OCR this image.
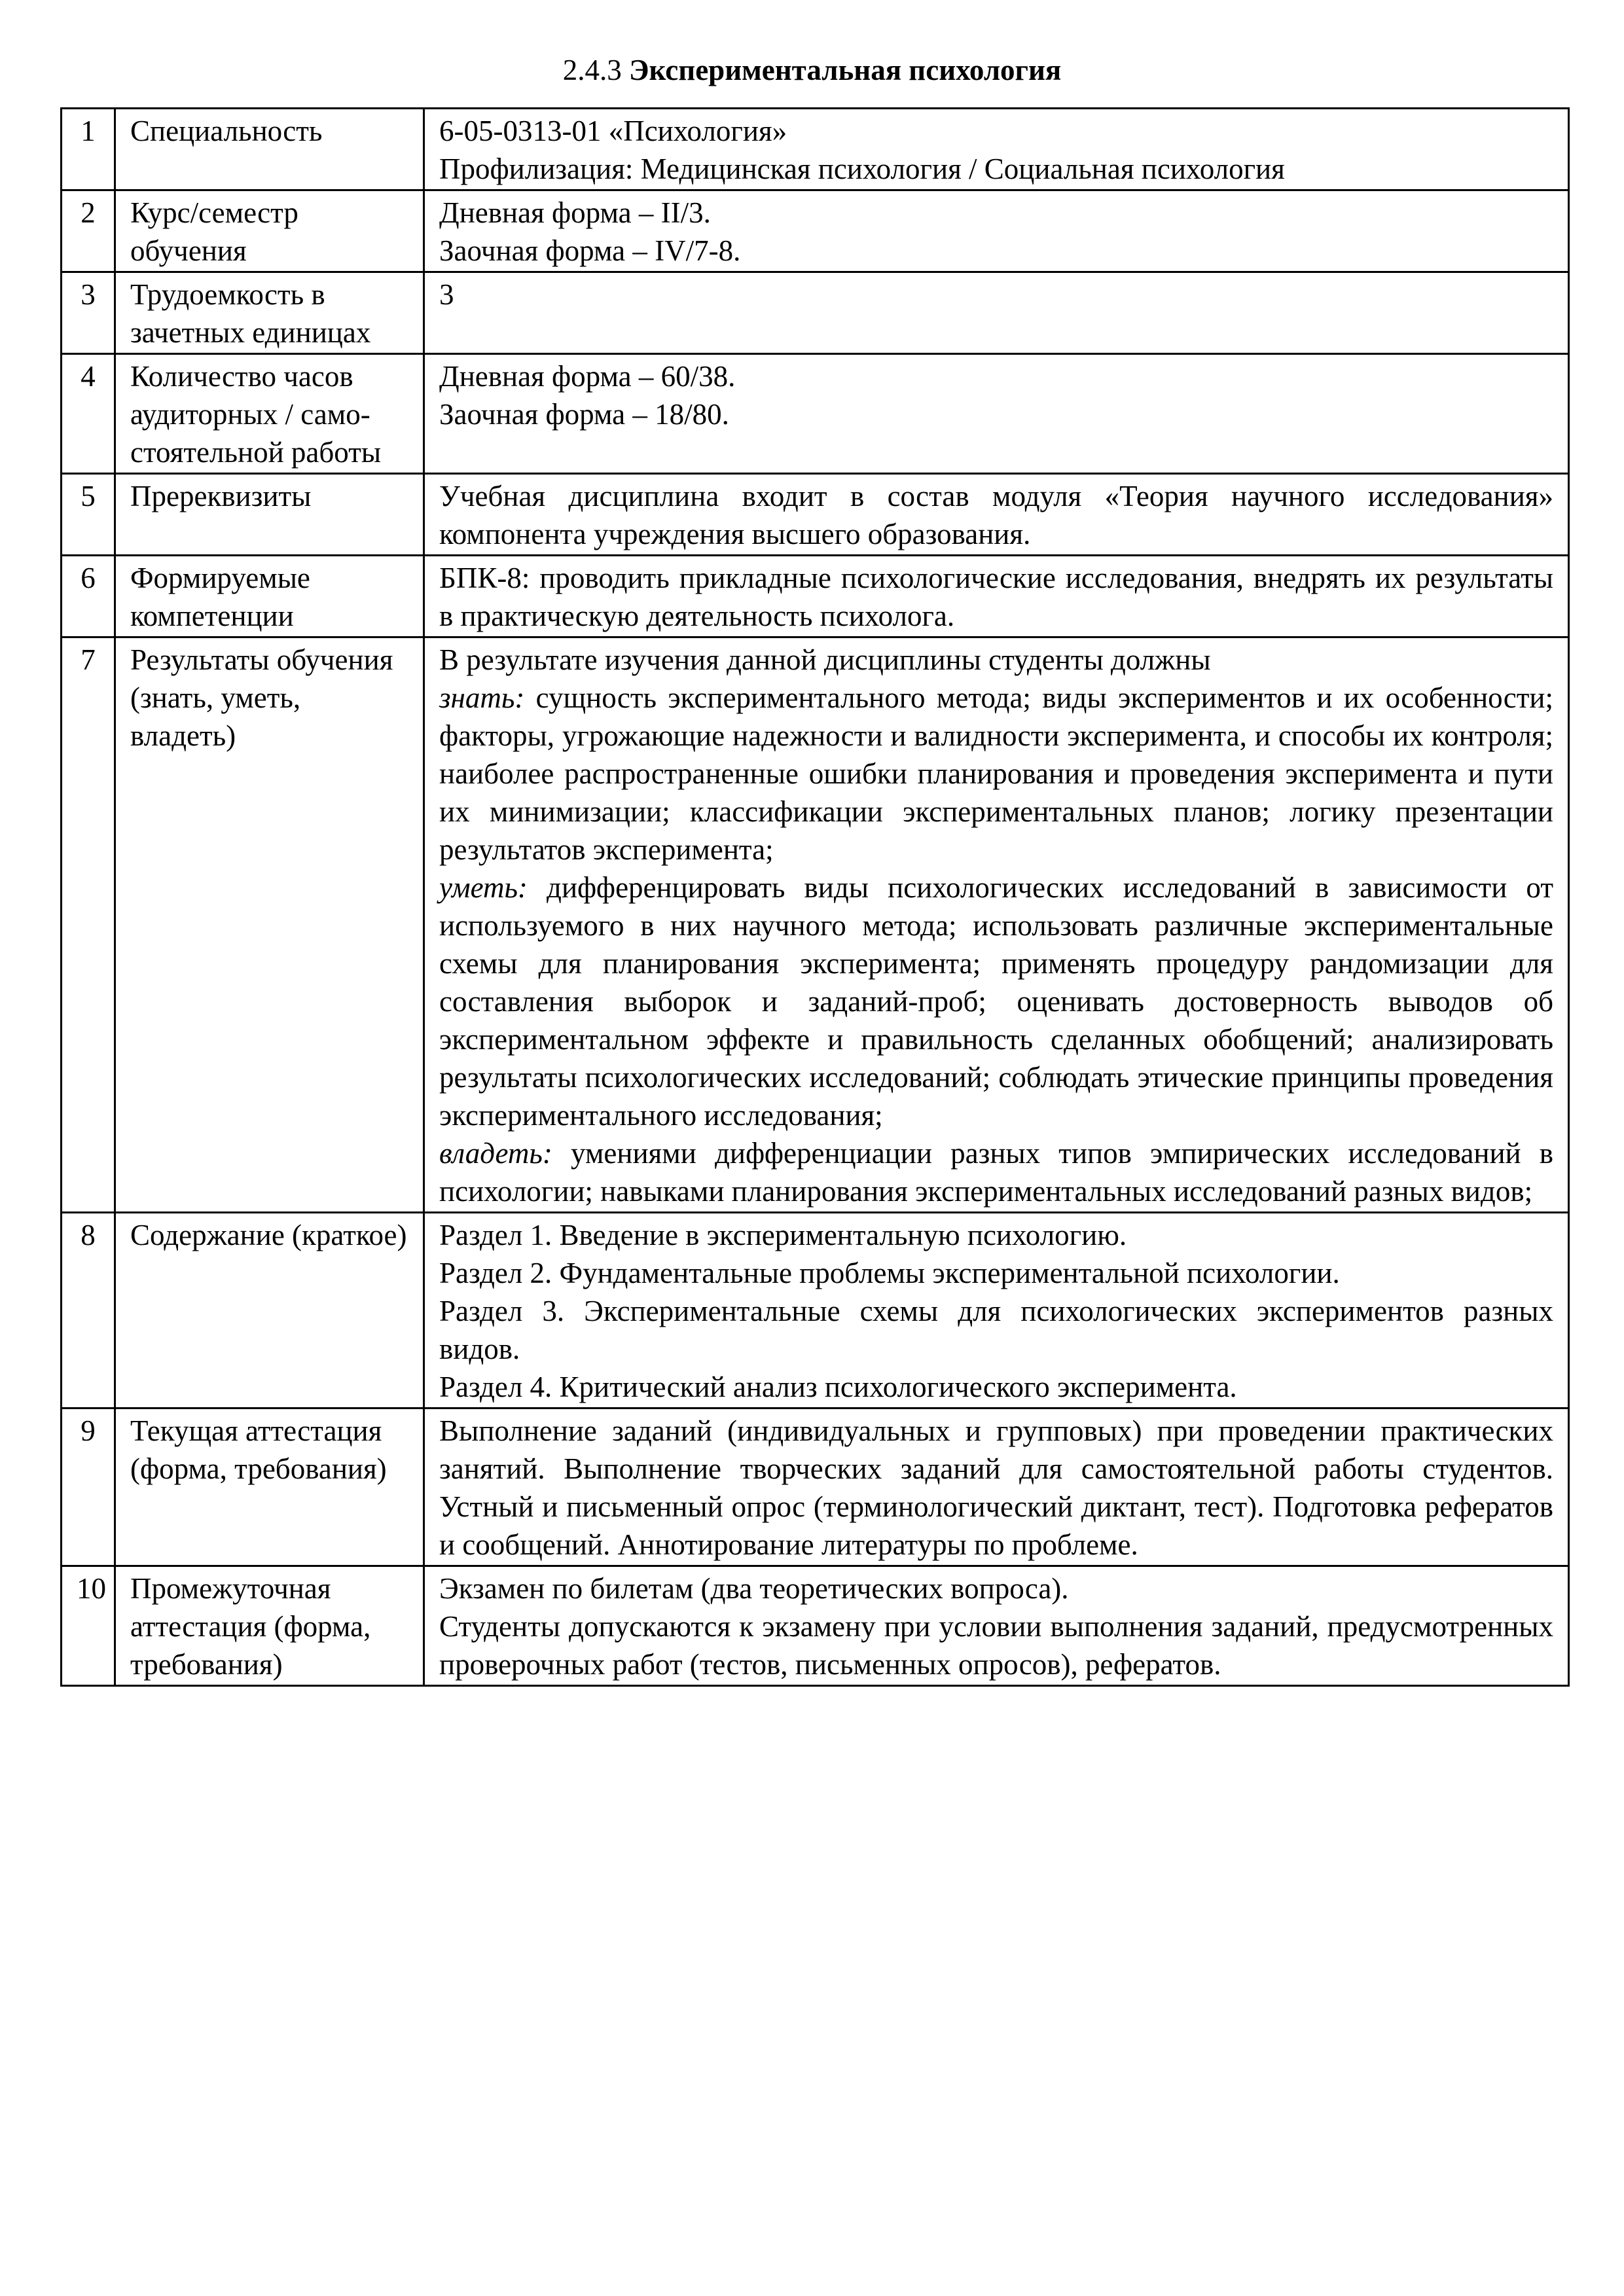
2.4.3 Экспериментальная психология
1	Специальность	6-05-0313-01 «Психология»

Профилизация: Медицинская психология / Социальная психология

2	Курс/семестр обучения	Дневная форма – II/3.

Заочная форма – IV/7-8.

3	Трудоемкость в зачетных единицах	3

4	Количество часов аудиторных / само-стоятельной работы	Дневная форма – 60/38.

Заочная форма – 18/80.

5	Пререквизиты	Учебная дисциплина входит в состав модуля «Теория научного исследования» компонента учреждения высшего образования.

6	Формируемые компетенции	БПК-8: проводить прикладные психологические исследования, внедрять их результаты в практическую деятельность психолога.

7	Результаты обучения (знать, уметь, владеть)	В результате изучения данной дисциплины студенты должны

знать: сущность экспериментального метода; виды экспериментов и их особенности; факторы, угрожающие надежности и валидности эксперимента, и способы их контроля; наиболее распространенные ошибки планирования и проведения эксперимента и пути их минимизации; классификации экспериментальных планов; логику презентации результатов эксперимента;

уметь: дифференцировать виды психологических исследований в зависимости от используемого в них научного метода; использовать различные экспериментальные схемы для планирования эксперимента; применять процедуру рандомизации для составления выборок и заданий-проб; оценивать достоверность выводов об экспериментальном эффекте и правильность сделанных обобщений; анализировать результаты психологических исследований; соблюдать этические принципы проведения экспериментального исследования;

владеть: умениями дифференциации разных типов эмпирических исследований в психологии; навыками планирования экспериментальных исследований разных видов;

8	Содержание (краткое)	Раздел 1. Введение в экспериментальную психологию.

Раздел 2. Фундаментальные проблемы экспериментальной психологии.

Раздел 3. Экспериментальные схемы для психологических экспериментов разных видов.

Раздел 4. Критический анализ психологического эксперимента.

9	Текущая аттестация (форма, требования)	Выполнение заданий (индивидуальных и групповых) при проведении практических занятий. Выполнение творческих заданий для самостоятельной работы студентов. Устный и письменный опрос (терминологический диктант, тест). Подготовка рефератов и сообщений. Аннотирование литературы по проблеме.

10	Промежуточная аттестация (форма, требования)	Экзамен по билетам (два теоретических вопроса).

Студенты допускаются к экзамену при условии выполнения заданий, предусмотренных проверочных работ (тестов, письменных опросов), рефератов.
